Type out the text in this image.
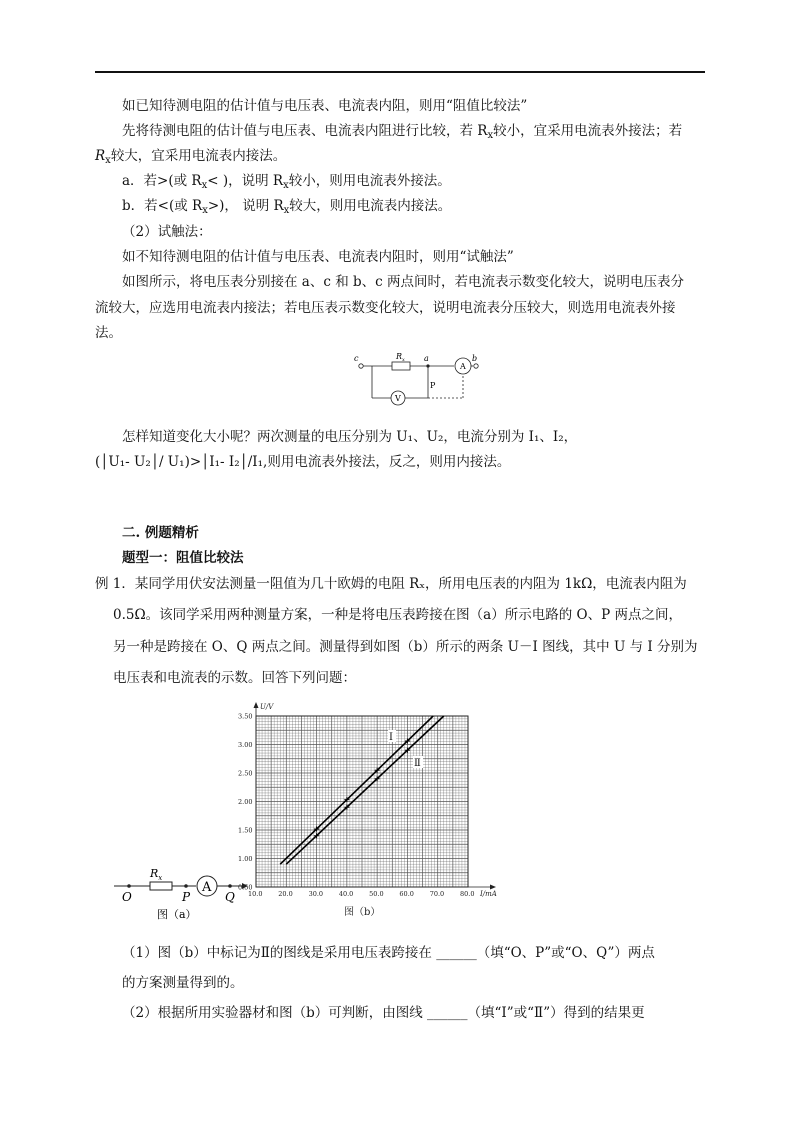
如已知待测电阻的估计值与电压表、电流表内阻，则用“阻值比较法”
先将待测电阻的估计值与电压表、电流表内阻进行比较，若 $R_x$较小，宜采用电流表外接法；若
$R_x$较大，宜采用电流表内接法。
a．若>(或 $R_x<$ )，说明 $R_x$较小，则用电流表外接法。
b．若<(或 $R_x>$)， 说明 $R_x$较大，则用电流表内接法。
（2）试触法：
如不知待测电阻的估计值与电压表、电流表内阻时，则用“试触法”
如图所示，将电压表分别接在 a、c 和 b、c 两点间时，若电流表示数变化较大，说明电压表分
流较大，应选用电流表内接法；若电压表示数变化较大，说明电流表分压较大，则选用电流表外接
法。
c	$R_x$ a	b
P
A
V
怎样知道变化大小呢？两次测量的电压分别为 U₁、U₂，电流分别为 I₁、I₂，
(│U₁- U₂│/ U₁)>│I₁- I₂│/I₁,则用电流表外接法，反之，则用内接法。
二. 例题精析
题型一：阻值比较法
例 1．某同学用伏安法测量一阻值为几十欧姆的电阻 Rₓ，所用电压表的内阻为 1kΩ，电流表内阻为
0.5Ω。该同学采用两种测量方案，一种是将电压表跨接在图（a）所示电路的 O、P 两点之间，
另一种是跨接在 O、Q 两点之间。测量得到如图（b）所示的两条 U－I 图线，其中 U 与 I 分别为
电压表和电流表的示数。回答下列问题：
$R_x$
A
O	P	Q
图（a）
10.0 20.0 30.0 40.0 50.0 60.0 70.0 80.0
0.50
1.00
1.50
2.00
2.50
3.00
3.50
U/V
I/mA
图（b）
Ⅰ
Ⅱ
（1）图（b）中标记为Ⅱ的图线是采用电压表跨接在 ______（填“O、P”或“O、Q”）两点
的方案测量得到的。
（2）根据所用实验器材和图（b）可判断，由图线 ______（填“Ⅰ”或“Ⅱ”）得到的结果更
